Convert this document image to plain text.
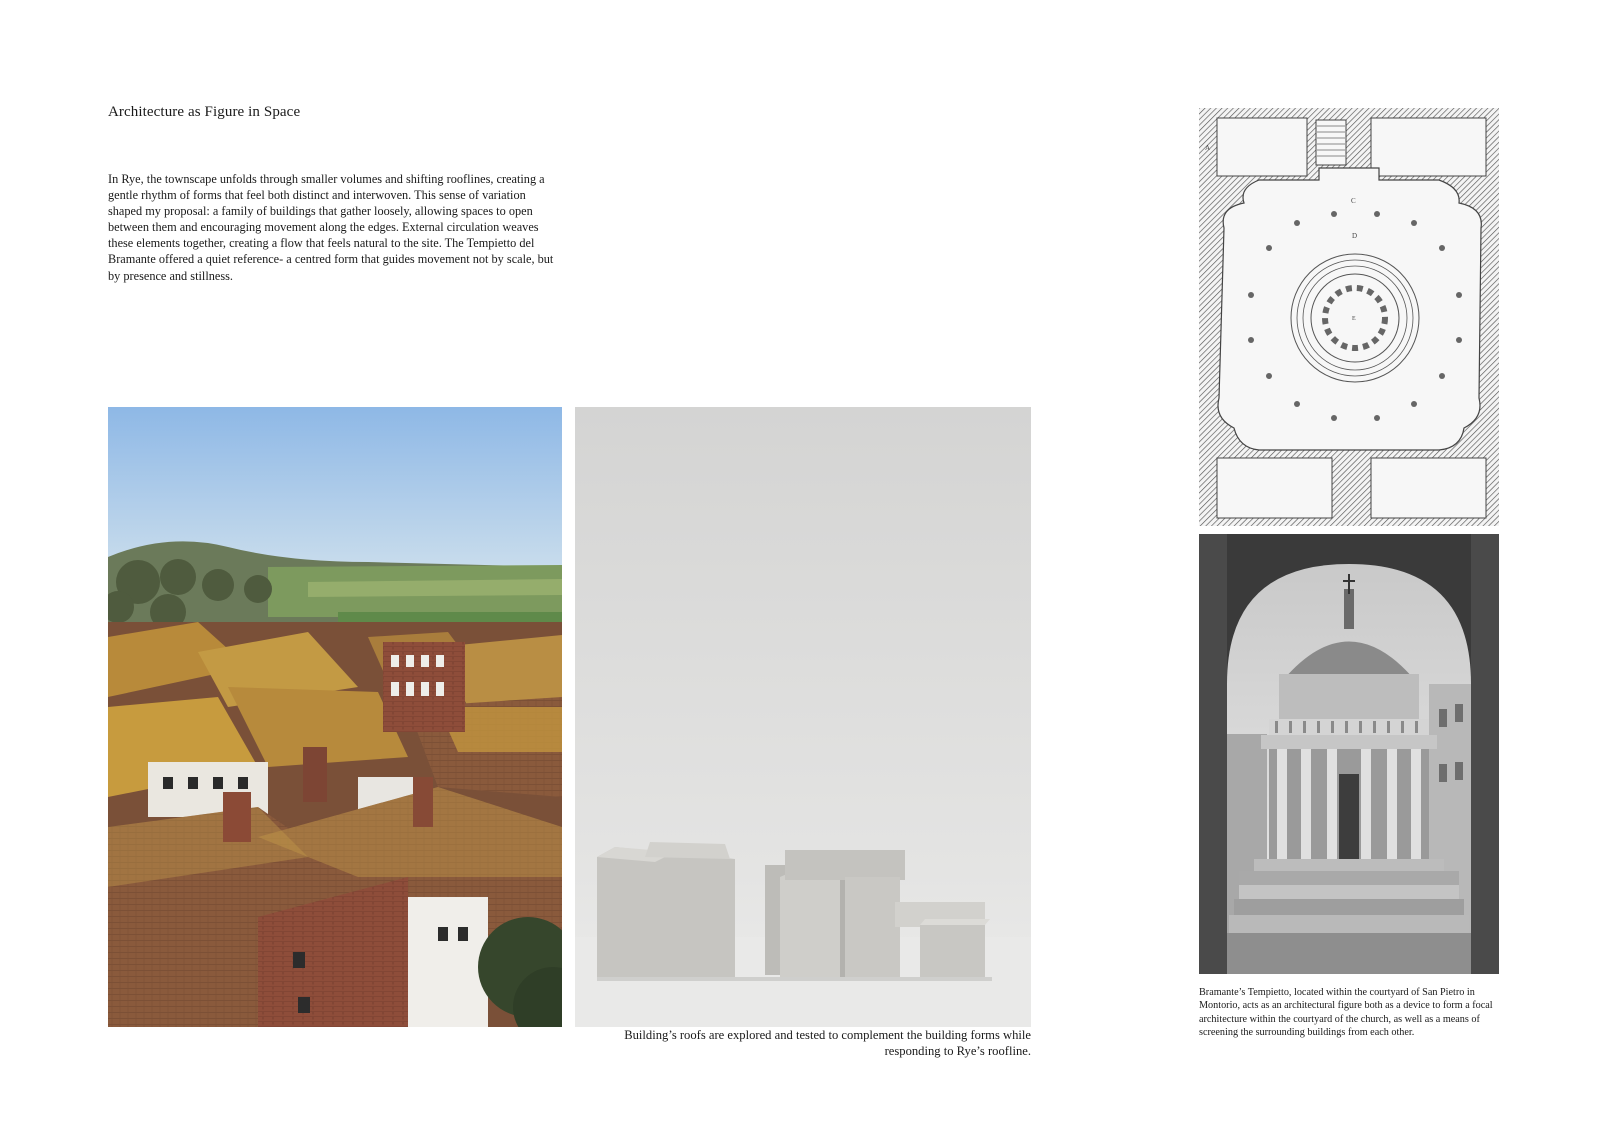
Architecture as Figure in Space

In Rye, the townscape unfolds through smaller volumes and shifting rooflines, creating a gentle rhythm of forms that feel both distinct and interwoven. This sense of variation shaped my proposal: a family of buildings that gather loosely, allowing spaces to open between them and encouraging movement along the edges. External circulation weaves these elements together, creating a flow that feels natural to the site. The Tempietto del Bramante offered a quiet reference- a centred form that guides movement not by scale, but by presence and stillness.

Building’s roofs are explored and tested to complement the building forms while responding to Rye’s roofline.

A
C
D
E

Bramante’s Tempietto, located within the courtyard of San Pietro in Montorio, acts as an architectural figure both as a device to form a focal architecture within the courtyard of the church, as well as a means of screening the surrounding buildings from each other.
